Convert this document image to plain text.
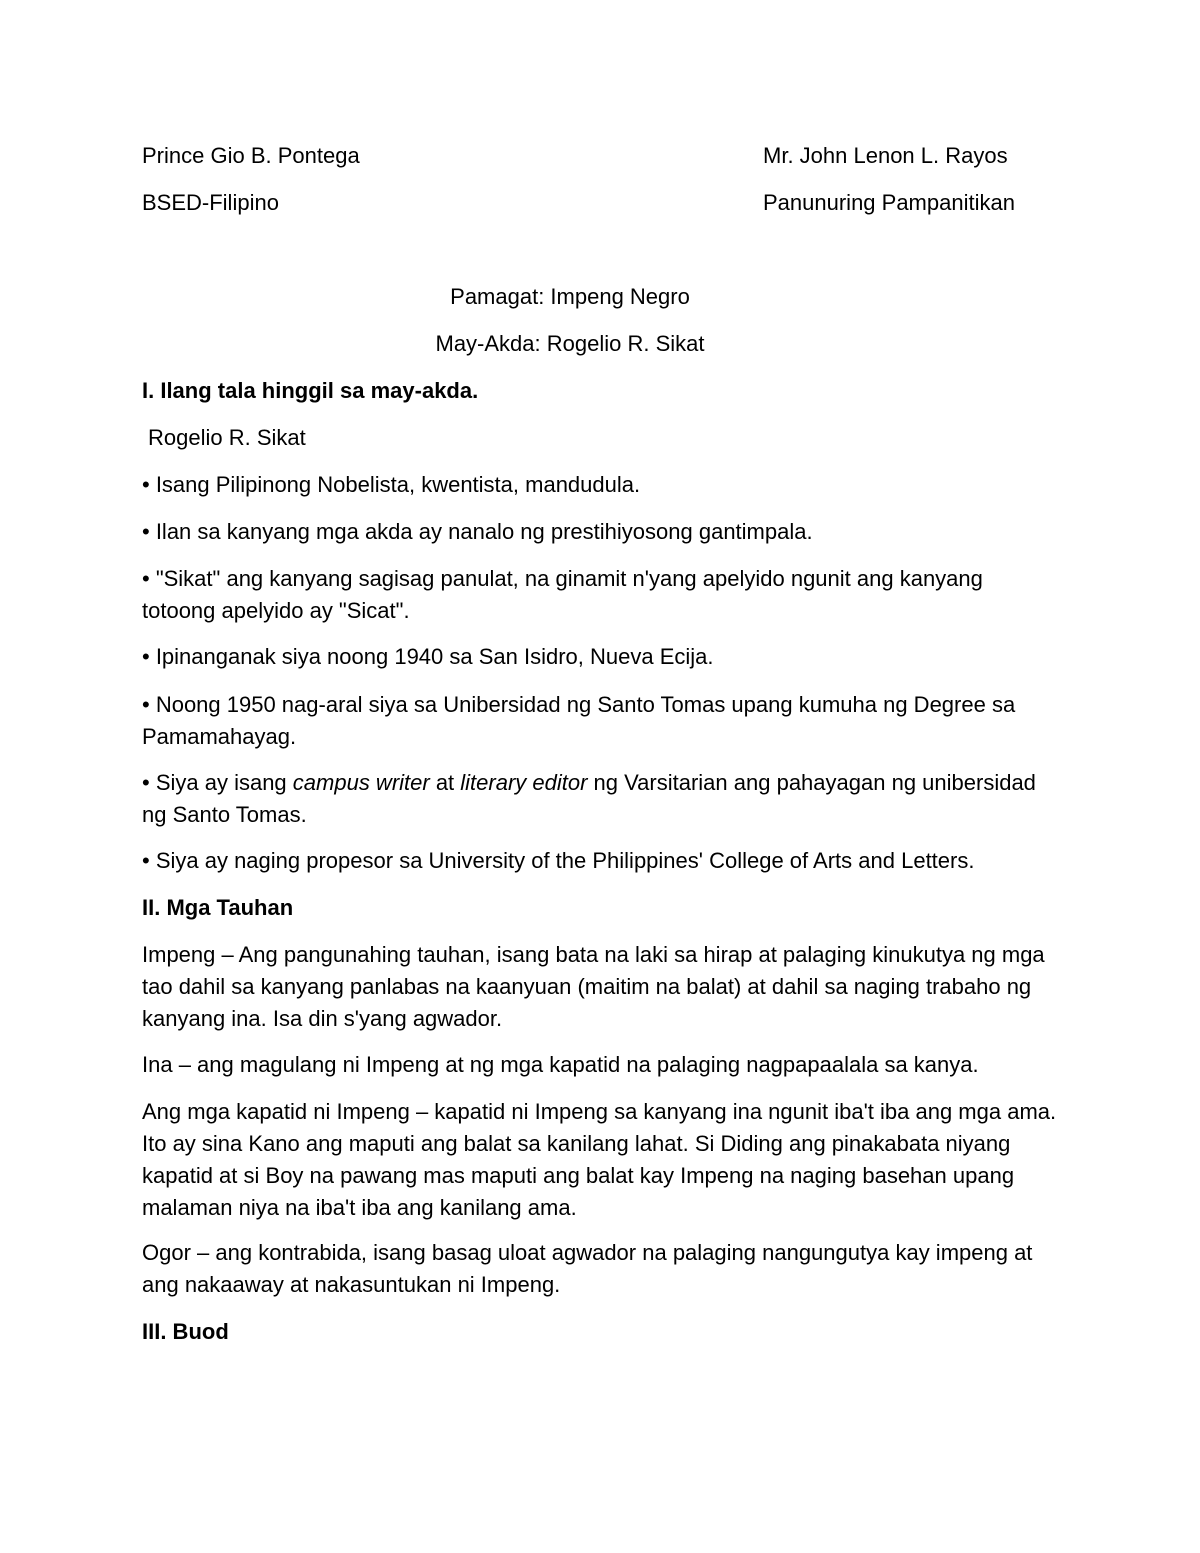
Prince Gio B. Pontega	Mr. John Lenon L. Rayos
BSED-Filipino	Panunuring Pampanitikan
Pamagat: Impeng Negro
May-Akda: Rogelio R. Sikat
I. Ilang tala hinggil sa may-akda.
Rogelio R. Sikat

• Isang Pilipinong Nobelista, kwentista, mandudula.

• Ilan sa kanyang mga akda ay nanalo ng prestihiyosong gantimpala.

• "Sikat" ang kanyang sagisag panulat, na ginamit n'yang apelyido ngunit ang kanyang totoong apelyido ay "Sicat".

• Ipinanganak siya noong 1940 sa San Isidro, Nueva Ecija.

• Noong 1950 nag-aral siya sa Unibersidad ng Santo Tomas upang kumuha ng Degree sa Pamamahayag.

• Siya ay isang campus writer at literary editor ng Varsitarian ang pahayagan ng unibersidad ng Santo Tomas.

• Siya ay naging propesor sa University of the Philippines' College of Arts and Letters.

II. Mga Tauhan

Impeng – Ang pangunahing tauhan, isang bata na laki sa hirap at palaging kinukutya ng mga tao dahil sa kanyang panlabas na kaanyuan (maitim na balat) at dahil sa naging trabaho ng kanyang ina. Isa din s'yang agwador.

Ina – ang magulang ni Impeng at ng mga kapatid na palaging nagpapaalala sa kanya.

Ang mga kapatid ni Impeng – kapatid ni Impeng sa kanyang ina ngunit iba't iba ang mga ama. Ito ay sina Kano ang maputi ang balat sa kanilang lahat. Si Diding ang pinakabata niyang kapatid at si Boy na pawang mas maputi ang balat kay Impeng na naging basehan upang malaman niya na iba't iba ang kanilang ama.

Ogor – ang kontrabida, isang basag uloat agwador na palaging nangungutya kay impeng at ang nakaaway at nakasuntukan ni Impeng.

III. Buod
